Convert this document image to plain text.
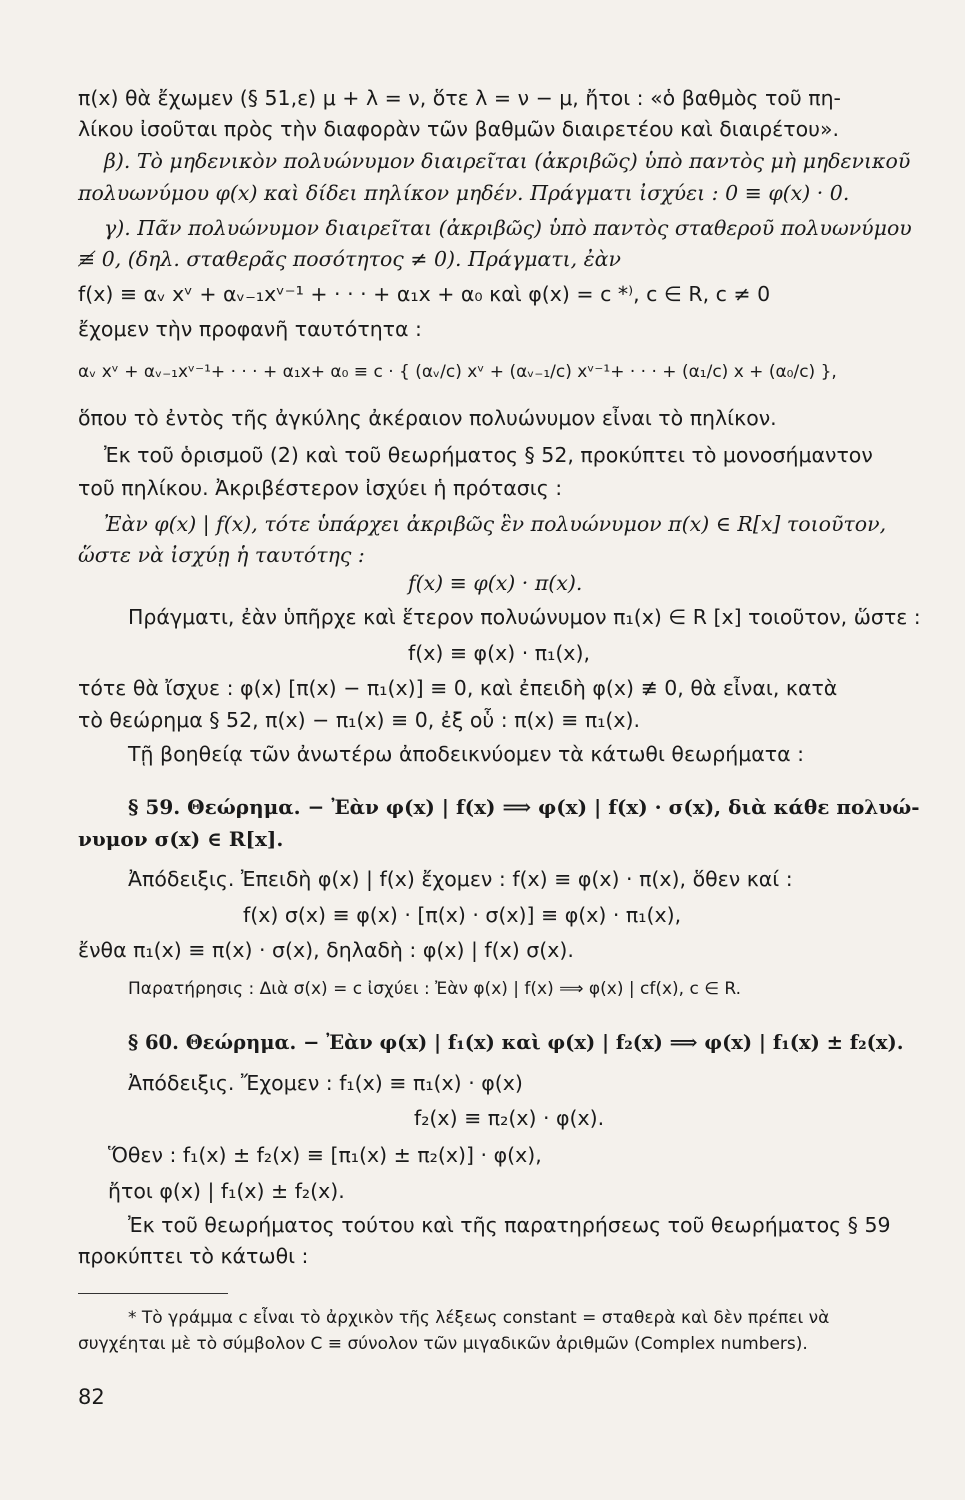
π(x) θὰ ἔχωμεν (§ 51,ε) μ + λ = ν, ὅτε λ = ν − μ, ἤτοι : «ὁ βαθμὸς τοῦ πη-
λίκου ἰσοῦται πρὸς τὴν διαφορὰν τῶν βαθμῶν διαιρετέου καὶ διαιρέτου».
β). Τὸ μηδενικὸν πολυώνυμον διαιρεῖται (ἀκριβῶς) ὑπὸ παντὸς μὴ μηδενικοῦ
πολυωνύμου φ(x) καὶ δίδει πηλίκον μηδέν. Πράγματι ἰσχύει : 0 ≡ φ(x) · 0.
γ). Πᾶν πολυώνυμον διαιρεῖται (ἀκριβῶς) ὑπὸ παντὸς σταθεροῦ πολυωνύμου
≢ 0, (δηλ. σταθερᾶς ποσότητος ≠ 0). Πράγματι, ἐὰν
f(x) ≡ αᵥ xᵛ + αᵥ₋₁xᵛ⁻¹ + · · · + α₁x + α₀ καὶ φ(x) = c *⁾, c ∈ R, c ≠ 0
ἔχομεν τὴν προφανῆ ταυτότητα :
αᵥ xᵛ + αᵥ₋₁xᵛ⁻¹+ · · · + α₁x+ α₀ ≡ c · { (αᵥ/c) xᵛ + (αᵥ₋₁/c) xᵛ⁻¹+ · · · + (α₁/c) x + (α₀/c) },
ὅπου τὸ ἐντὸς τῆς ἀγκύλης ἀκέραιον πολυώνυμον εἶναι τὸ πηλίκον.
Ἐκ τοῦ ὁρισμοῦ (2) καὶ τοῦ θεωρήματος § 52, προκύπτει τὸ μονοσήμαντον
τοῦ πηλίκου. Ἀκριβέστερον ἰσχύει ἡ πρότασις :
Ἐὰν φ(x) | f(x), τότε ὑπάρχει ἀκριβῶς ἓν πολυώνυμον π(x) ∈ R[x] τοιοῦτον,
ὥστε νὰ ἰσχύῃ ἡ ταυτότης :
f(x) ≡ φ(x) · π(x).
Πράγματι, ἐὰν ὑπῆρχε καὶ ἕτερον πολυώνυμον π₁(x) ∈ R [x] τοιοῦτον, ὥστε :
f(x) ≡ φ(x) · π₁(x),
τότε θὰ ἴσχυε : φ(x) [π(x) − π₁(x)] ≡ 0, καὶ ἐπειδὴ φ(x) ≢ 0, θὰ εἶναι, κατὰ
τὸ θεώρημα § 52, π(x) − π₁(x) ≡ 0, ἐξ οὗ : π(x) ≡ π₁(x).
Τῇ βοηθείᾳ τῶν ἀνωτέρω ἀποδεικνύομεν τὰ κάτωθι θεωρήματα :
§ 59. Θεώρημα. − Ἐὰν φ(x) | f(x) ⟹ φ(x) | f(x) · σ(x), διὰ κάθε πολυώ-
νυμον σ(x) ∈ R[x].
Ἀπόδειξις. Ἐπειδὴ φ(x) | f(x) ἔχομεν : f(x) ≡ φ(x) · π(x), ὅθεν καί :
f(x) σ(x) ≡ φ(x) · [π(x) · σ(x)] ≡ φ(x) · π₁(x),
ἔνθα π₁(x) ≡ π(x) · σ(x), δηλαδὴ : φ(x) | f(x) σ(x).
Παρατήρησις : Διὰ σ(x) = c ἰσχύει : Ἐὰν φ(x) | f(x) ⟹ φ(x) | cf(x), c ∈ R.
§ 60. Θεώρημα. − Ἐὰν φ(x) | f₁(x) καὶ φ(x) | f₂(x) ⟹ φ(x) | f₁(x) ± f₂(x).
Ἀπόδειξις. Ἔχομεν : f₁(x) ≡ π₁(x) · φ(x)
f₂(x) ≡ π₂(x) · φ(x).
Ὅθεν : f₁(x) ± f₂(x) ≡ [π₁(x) ± π₂(x)] · φ(x),
ἤτοι φ(x) | f₁(x) ± f₂(x).
Ἐκ τοῦ θεωρήματος τούτου καὶ τῆς παρατηρήσεως τοῦ θεωρήματος § 59
προκύπτει τὸ κάτωθι :
* Τὸ γράμμα c εἶναι τὸ ἀρχικὸν τῆς λέξεως constant = σταθερὰ καὶ δὲν πρέπει νὰ
συγχέηται μὲ τὸ σύμβολον C ≡ σύνολον τῶν μιγαδικῶν ἀριθμῶν (Complex numbers).
82
